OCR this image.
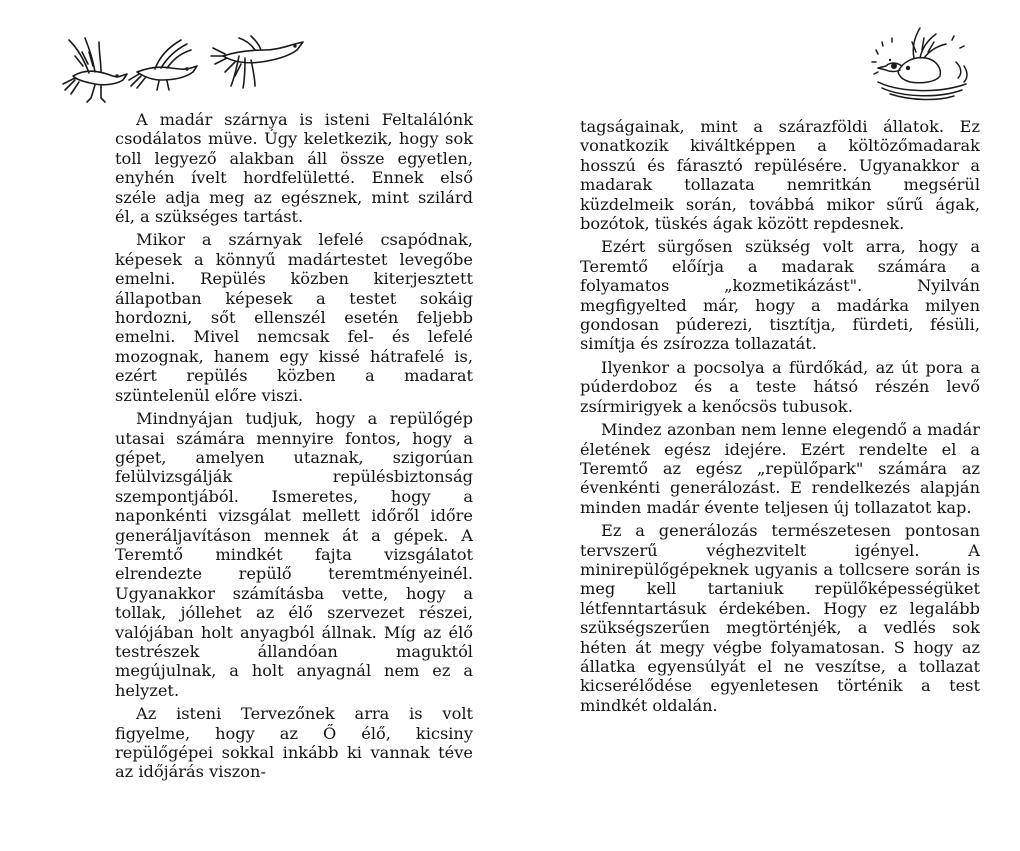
A madár szárnya is isteni Feltalálónk csodálatos müve. Úgy keletkezik, hogy sok toll legyező alakban áll össze egyetlen, enyhén ívelt hordfelületté. Ennek első széle adja meg az egésznek, mint szilárd él, a szükséges tartást.

Mikor a szárnyak lefelé csapódnak, képesek a könnyű madártestet levegőbe emelni. Repülés közben kiterjesztett állapotban képesek a testet sokáig hordozni, sőt ellenszél esetén feljebb emelni. Mivel nemcsak fel- és lefelé mozognak, hanem egy kissé hátrafelé is, ezért repülés közben a madarat szüntelenül előre viszi.

Mindnyájan tudjuk, hogy a repülőgép utasai számára mennyire fontos, hogy a gépet, amelyen utaznak, szigorúan felülvizsgálják repülésbiztonság szempontjából. Ismeretes, hogy a naponkénti vizsgálat mellett időről időre generáljavításon mennek át a gépek. A Teremtő mindkét fajta vizsgálatot elrendezte repülő teremtményeinél. Ugyanakkor számításba vette, hogy a tollak, jóllehet az élő szervezet részei, valójában holt anyagból állnak. Míg az élő testrészek állandóan maguktól megújulnak, a holt anyagnál nem ez a helyzet.

Az isteni Tervezőnek arra is volt figyelme, hogy az Ő élő, kicsiny repülőgépei sokkal inkább ki vannak téve az időjárás viszon-

tagságainak, mint a szárazföldi állatok. Ez vonatkozik kiváltképpen a költözőmadarak hosszú és fárasztó repülésére. Ugyanakkor a madarak tollazata nemritkán megsérül küzdelmeik során, továbbá mikor sűrű ágak, bozótok, tüskés ágak között repdesnek.

Ezért sürgősen szükség volt arra, hogy a Teremtő előírja a madarak számára a folyamatos „kozmetikázást". Nyilván megfigyelted már, hogy a madárka milyen gondosan púderezi, tisztítja, fürdeti, fésüli, simítja és zsírozza tollazatát.

Ilyenkor a pocsolya a fürdőkád, az út pora a púderdoboz és a teste hátsó részén levő zsírmirigyek a kenőcsös tubusok.

Mindez azonban nem lenne elegendő a madár életének egész idejére. Ezért rendelte el a Teremtő az egész „repülőpark" számára az évenkénti generálozást. E rendelkezés alapján minden madár évente teljesen új tollazatot kap.

Ez a generálozás természetesen pontosan tervszerű véghezvitelt igényel. A minirepülőgépeknek ugyanis a tollcsere során is meg kell tartaniuk repülőképességüket létfenntartásuk érdekében. Hogy ez legalább szükségszerűen megtörténjék, a vedlés sok héten át megy végbe folyamatosan. S hogy az állatka egyensúlyát el ne veszítse, a tollazat kicserélődése egyenletesen történik a test mindkét oldalán.
